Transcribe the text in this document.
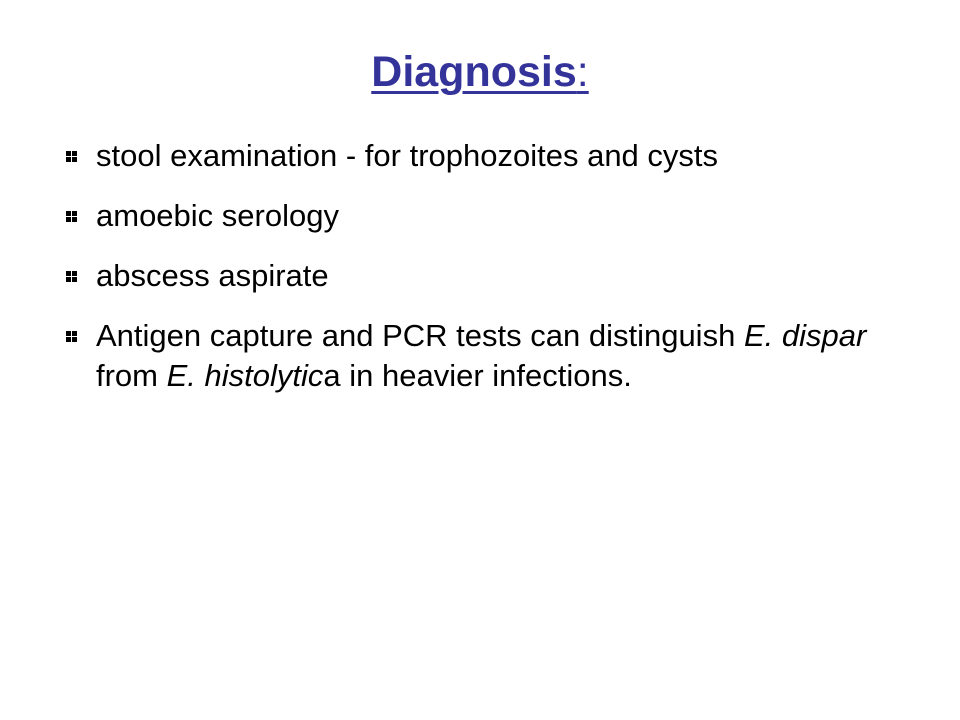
Diagnosis:
stool examination - for trophozoites and cysts
amoebic serology
abscess aspirate
Antigen capture and PCR tests can distinguish E. dispar from E. histolytica in heavier infections.
